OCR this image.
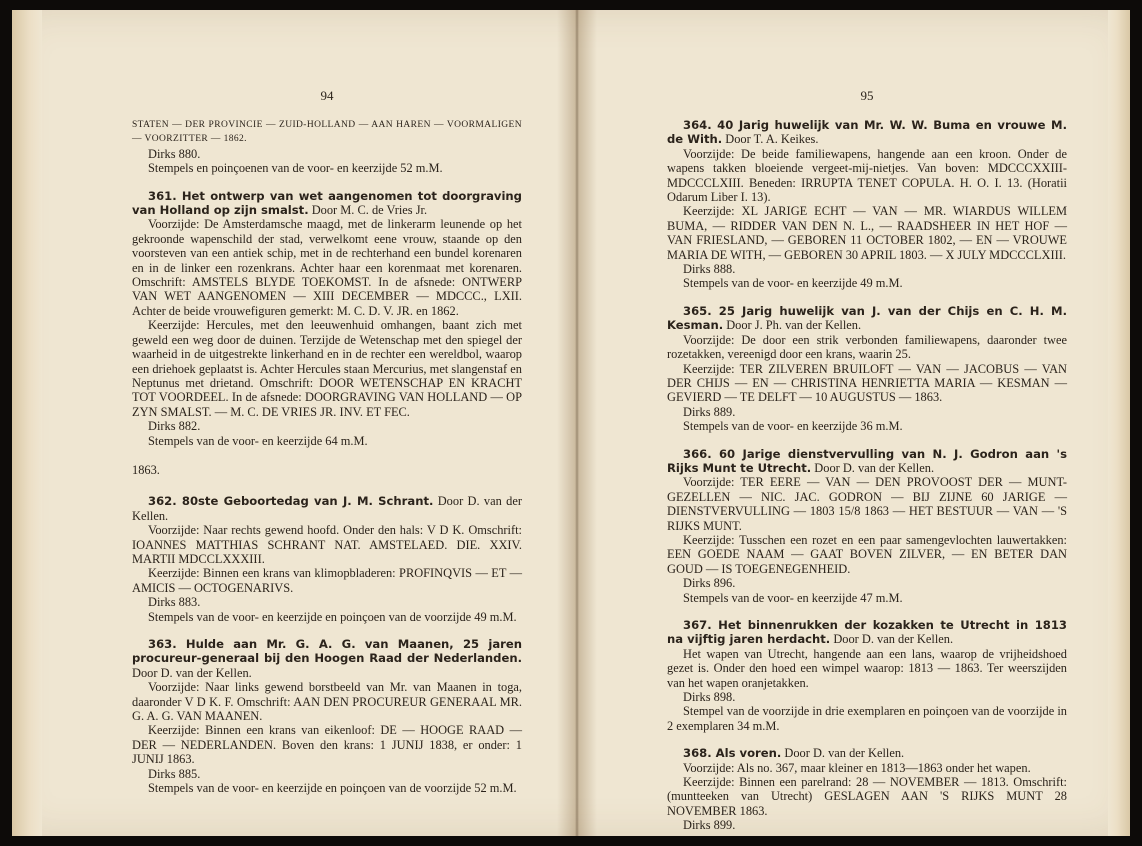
94

STATEN — DER PROVINCIE — ZUID-HOLLAND — AAN HAREN — VOORMALIGEN — VOORZITTER — 1862.

Dirks 880.

Stempels en poinçoenen van de voor- en keerzijde 52 m.M.

361. Het ontwerp van wet aangenomen tot doorgraving van Holland op zijn smalst. Door M. C. de Vries Jr.

Voorzijde: De Amsterdamsche maagd, met de linkerarm leunende op het gekroonde wapenschild der stad, verwelkomt eene vrouw, staande op den voorsteven van een antiek schip, met in de rechterhand een bundel korenaren en in de linker een rozenkrans. Achter haar een korenmaat met korenaren. Omschrift: AMSTELS BLYDE TOEKOMST. In de afsnede: ONTWERP VAN WET AANGENOMEN — XIII DECEMBER — MDCCC., LXII. Achter de beide vrouwefiguren gemerkt: M. C. D. V. JR. en 1862.

Keerzijde: Hercules, met den leeuwenhuid omhangen, baant zich met geweld een weg door de duinen. Terzijde de Wetenschap met den spiegel der waarheid in de uitgestrekte linkerhand en in de rechter een wereldbol, waarop een driehoek geplaatst is. Achter Hercules staan Mercurius, met slangenstaf en Neptunus met drietand. Omschrift: DOOR WETENSCHAP EN KRACHT TOT VOORDEEL. In de afsnede: DOORGRAVING VAN HOLLAND — OP ZYN SMALST. — M. C. DE VRIES JR. INV. ET FEC.

Dirks 882.

Stempels van de voor- en keerzijde 64 m.M.

1863.

362. 80ste Geboortedag van J. M. Schrant. Door D. van der Kellen.

Voorzijde: Naar rechts gewend hoofd. Onder den hals: V D K. Omschrift: IOANNES MATTHIAS SCHRANT NAT. AMSTELAED. DIE. XXIV. MARTII MDCCLXXXIII.

Keerzijde: Binnen een krans van klimopbladeren: PROFINQVIS — ET — AMICIS — OCTOGENARIVS.

Dirks 883.

Stempels van de voor- en keerzijde en poinçoen van de voorzijde 49 m.M.

363. Hulde aan Mr. G. A. G. van Maanen, 25 jaren procureur-generaal bij den Hoogen Raad der Nederlanden. Door D. van der Kellen.

Voorzijde: Naar links gewend borstbeeld van Mr. van Maanen in toga, daaronder V D K. F. Omschrift: AAN DEN PROCUREUR GENERAAL MR. G. A. G. VAN MAANEN.

Keerzijde: Binnen een krans van eikenloof: DE — HOOGE RAAD — DER — NEDERLANDEN. Boven den krans: 1 JUNIJ 1838, er onder: 1 JUNIJ 1863.

Dirks 885.

Stempels van de voor- en keerzijde en poinçoen van de voorzijde 52 m.M.

95

364. 40 Jarig huwelijk van Mr. W. W. Buma en vrouwe M. de With. Door T. A. Keikes.

Voorzijde: De beide familiewapens, hangende aan een kroon. Onder de wapens takken bloeiende vergeet-mij-nietjes. Van boven: MDCCCXXIII-MDCCCLXIII. Beneden: IRRUPTA TENET COPULA. H. O. I. 13. (Horatii Odarum Liber I. 13).

Keerzijde: XL JARIGE ECHT — VAN — MR. WIARDUS WILLEM BUMA, — RIDDER VAN DEN N. L., — RAADSHEER IN HET HOF — VAN FRIESLAND, — GEBOREN 11 OCTOBER 1802, — EN — VROUWE MARIA DE WITH, — GEBOREN 30 APRIL 1803. — X JULY MDCCCLXIII.

Dirks 888.

Stempels van de voor- en keerzijde 49 m.M.

365. 25 Jarig huwelijk van J. van der Chijs en C. H. M. Kesman. Door J. Ph. van der Kellen.

Voorzijde: De door een strik verbonden familiewapens, daaronder twee rozetakken, vereenigd door een krans, waarin 25.

Keerzijde: TER ZILVEREN BRUILOFT — VAN — JACOBUS — VAN DER CHIJS — EN — CHRISTINA HENRIETTA MARIA — KESMAN — GEVIERD — TE DELFT — 10 AUGUSTUS — 1863.

Dirks 889.

Stempels van de voor- en keerzijde 36 m.M.

366. 60 Jarige dienstvervulling van N. J. Godron aan 's Rijks Munt te Utrecht. Door D. van der Kellen.

Voorzijde: TER EERE — VAN — DEN PROVOOST DER — MUNT-GEZELLEN — NIC. JAC. GODRON — BIJ ZIJNE 60 JARIGE — DIENSTVERVULLING — 1803 15/8 1863 — HET BESTUUR — VAN — 'S RIJKS MUNT.

Keerzijde: Tusschen een rozet en een paar samengevlochten lauwertakken: EEN GOEDE NAAM — GAAT BOVEN ZILVER, — EN BETER DAN GOUD — IS TOEGENEGENHEID.

Dirks 896.

Stempels van de voor- en keerzijde 47 m.M.

367. Het binnenrukken der kozakken te Utrecht in 1813 na vijftig jaren herdacht. Door D. van der Kellen.

Het wapen van Utrecht, hangende aan een lans, waarop de vrijheidshoed gezet is. Onder den hoed een wimpel waarop: 1813 — 1863. Ter weerszijden van het wapen oranjetakken.

Dirks 898.

Stempel van de voorzijde in drie exemplaren en poinçoen van de voorzijde in 2 exemplaren 34 m.M.

368. Als voren. Door D. van der Kellen.

Voorzijde: Als no. 367, maar kleiner en 1813—1863 onder het wapen.

Keerzijde: Binnen een parelrand: 28 — NOVEMBER — 1813. Omschrift: (muntteeken van Utrecht) GESLAGEN AAN 'S RIJKS MUNT 28 NOVEMBER 1863.

Dirks 899.
